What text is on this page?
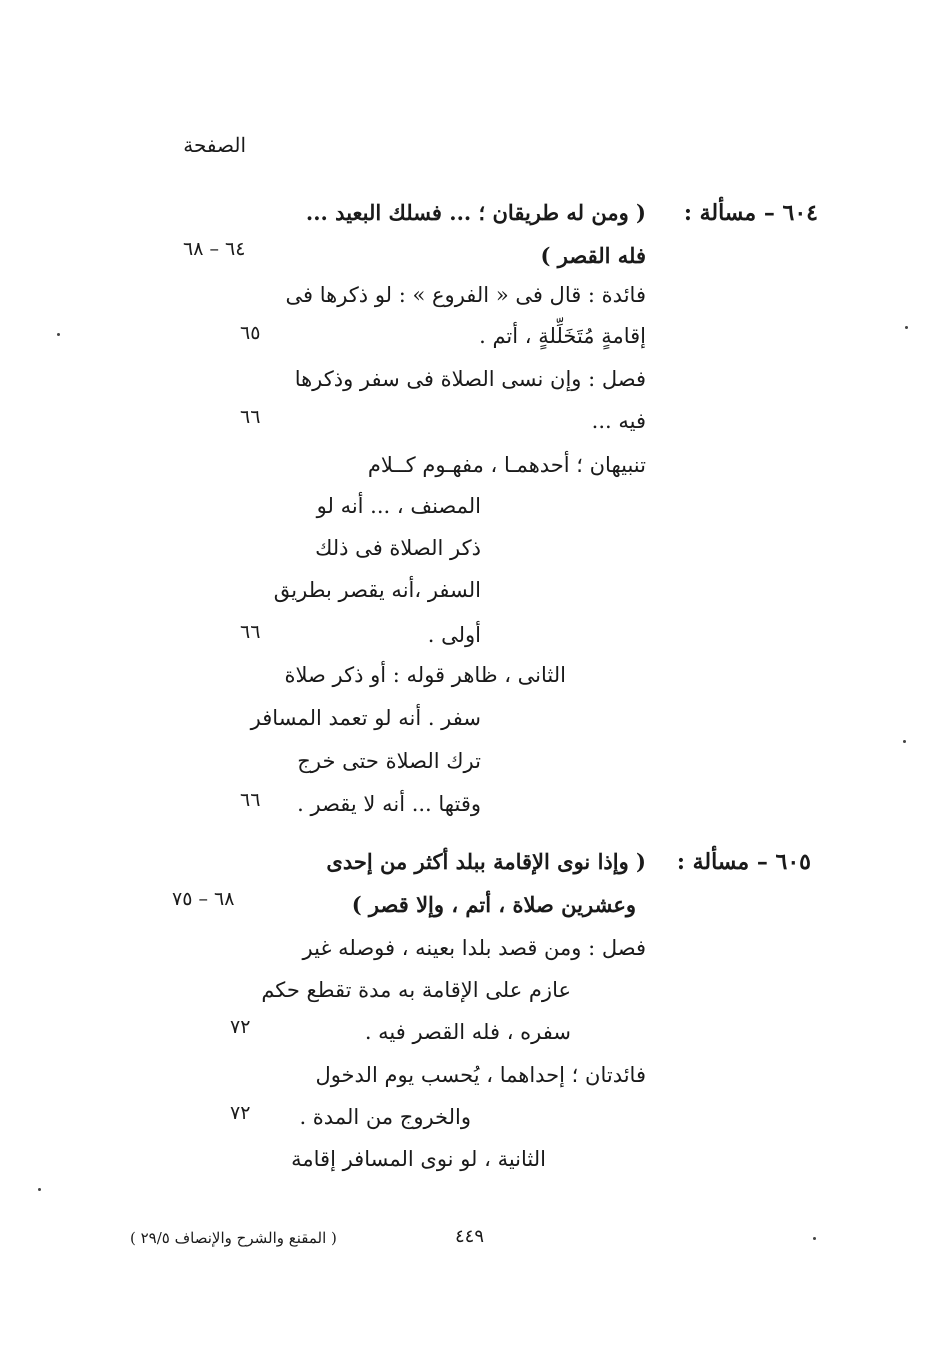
الصفحة
٦٠٤ – مسألة :
( ومن له طريقان ؛ ... فسلك البعيد ...
فله القصر )
٦٤ – ٦٨
فائدة : قال فى « الفروع » : لو ذكرها فى
إقامةٍ مُتَخَلِّلةٍ ، أتم .
٦٥
فصل : وإن نسى الصلاة فى سفر وذكرها
فيه ...
٦٦
تنبيهان ؛ أحدهمـا ، مفهـوم كــلام
المصنف ، ... أنه لو
ذكر الصلاة فى ذلك
السفر ،أنه يقصر بطريق
أولى .
٦٦
الثانى ، ظاهر قوله : أو ذكر صلاة
سفر . أنه لو تعمد المسافر
ترك الصلاة حتى خرج
وقتها ... أنه لا يقصر .
٦٦
٦٠٥ – مسألة :
( وإذا نوى الإقامة ببلد أكثر من إحدى
وعشرين صلاة ، أتم ، وإلا قصر )
٦٨ – ٧٥
فصل : ومن قصد بلدا بعينه ، فوصله غير
عازم على الإقامة به مدة تقطع حكم
سفره ، فله القصر فيه .
٧٢
فائدتان ؛ إحداهما ، يُحسب يوم الدخول
والخروج من المدة .
٧٢
الثانية ، لو نوى المسافر إقامة
( المقنع والشرح والإنصاف ٢٩/٥ )	٤٤٩
